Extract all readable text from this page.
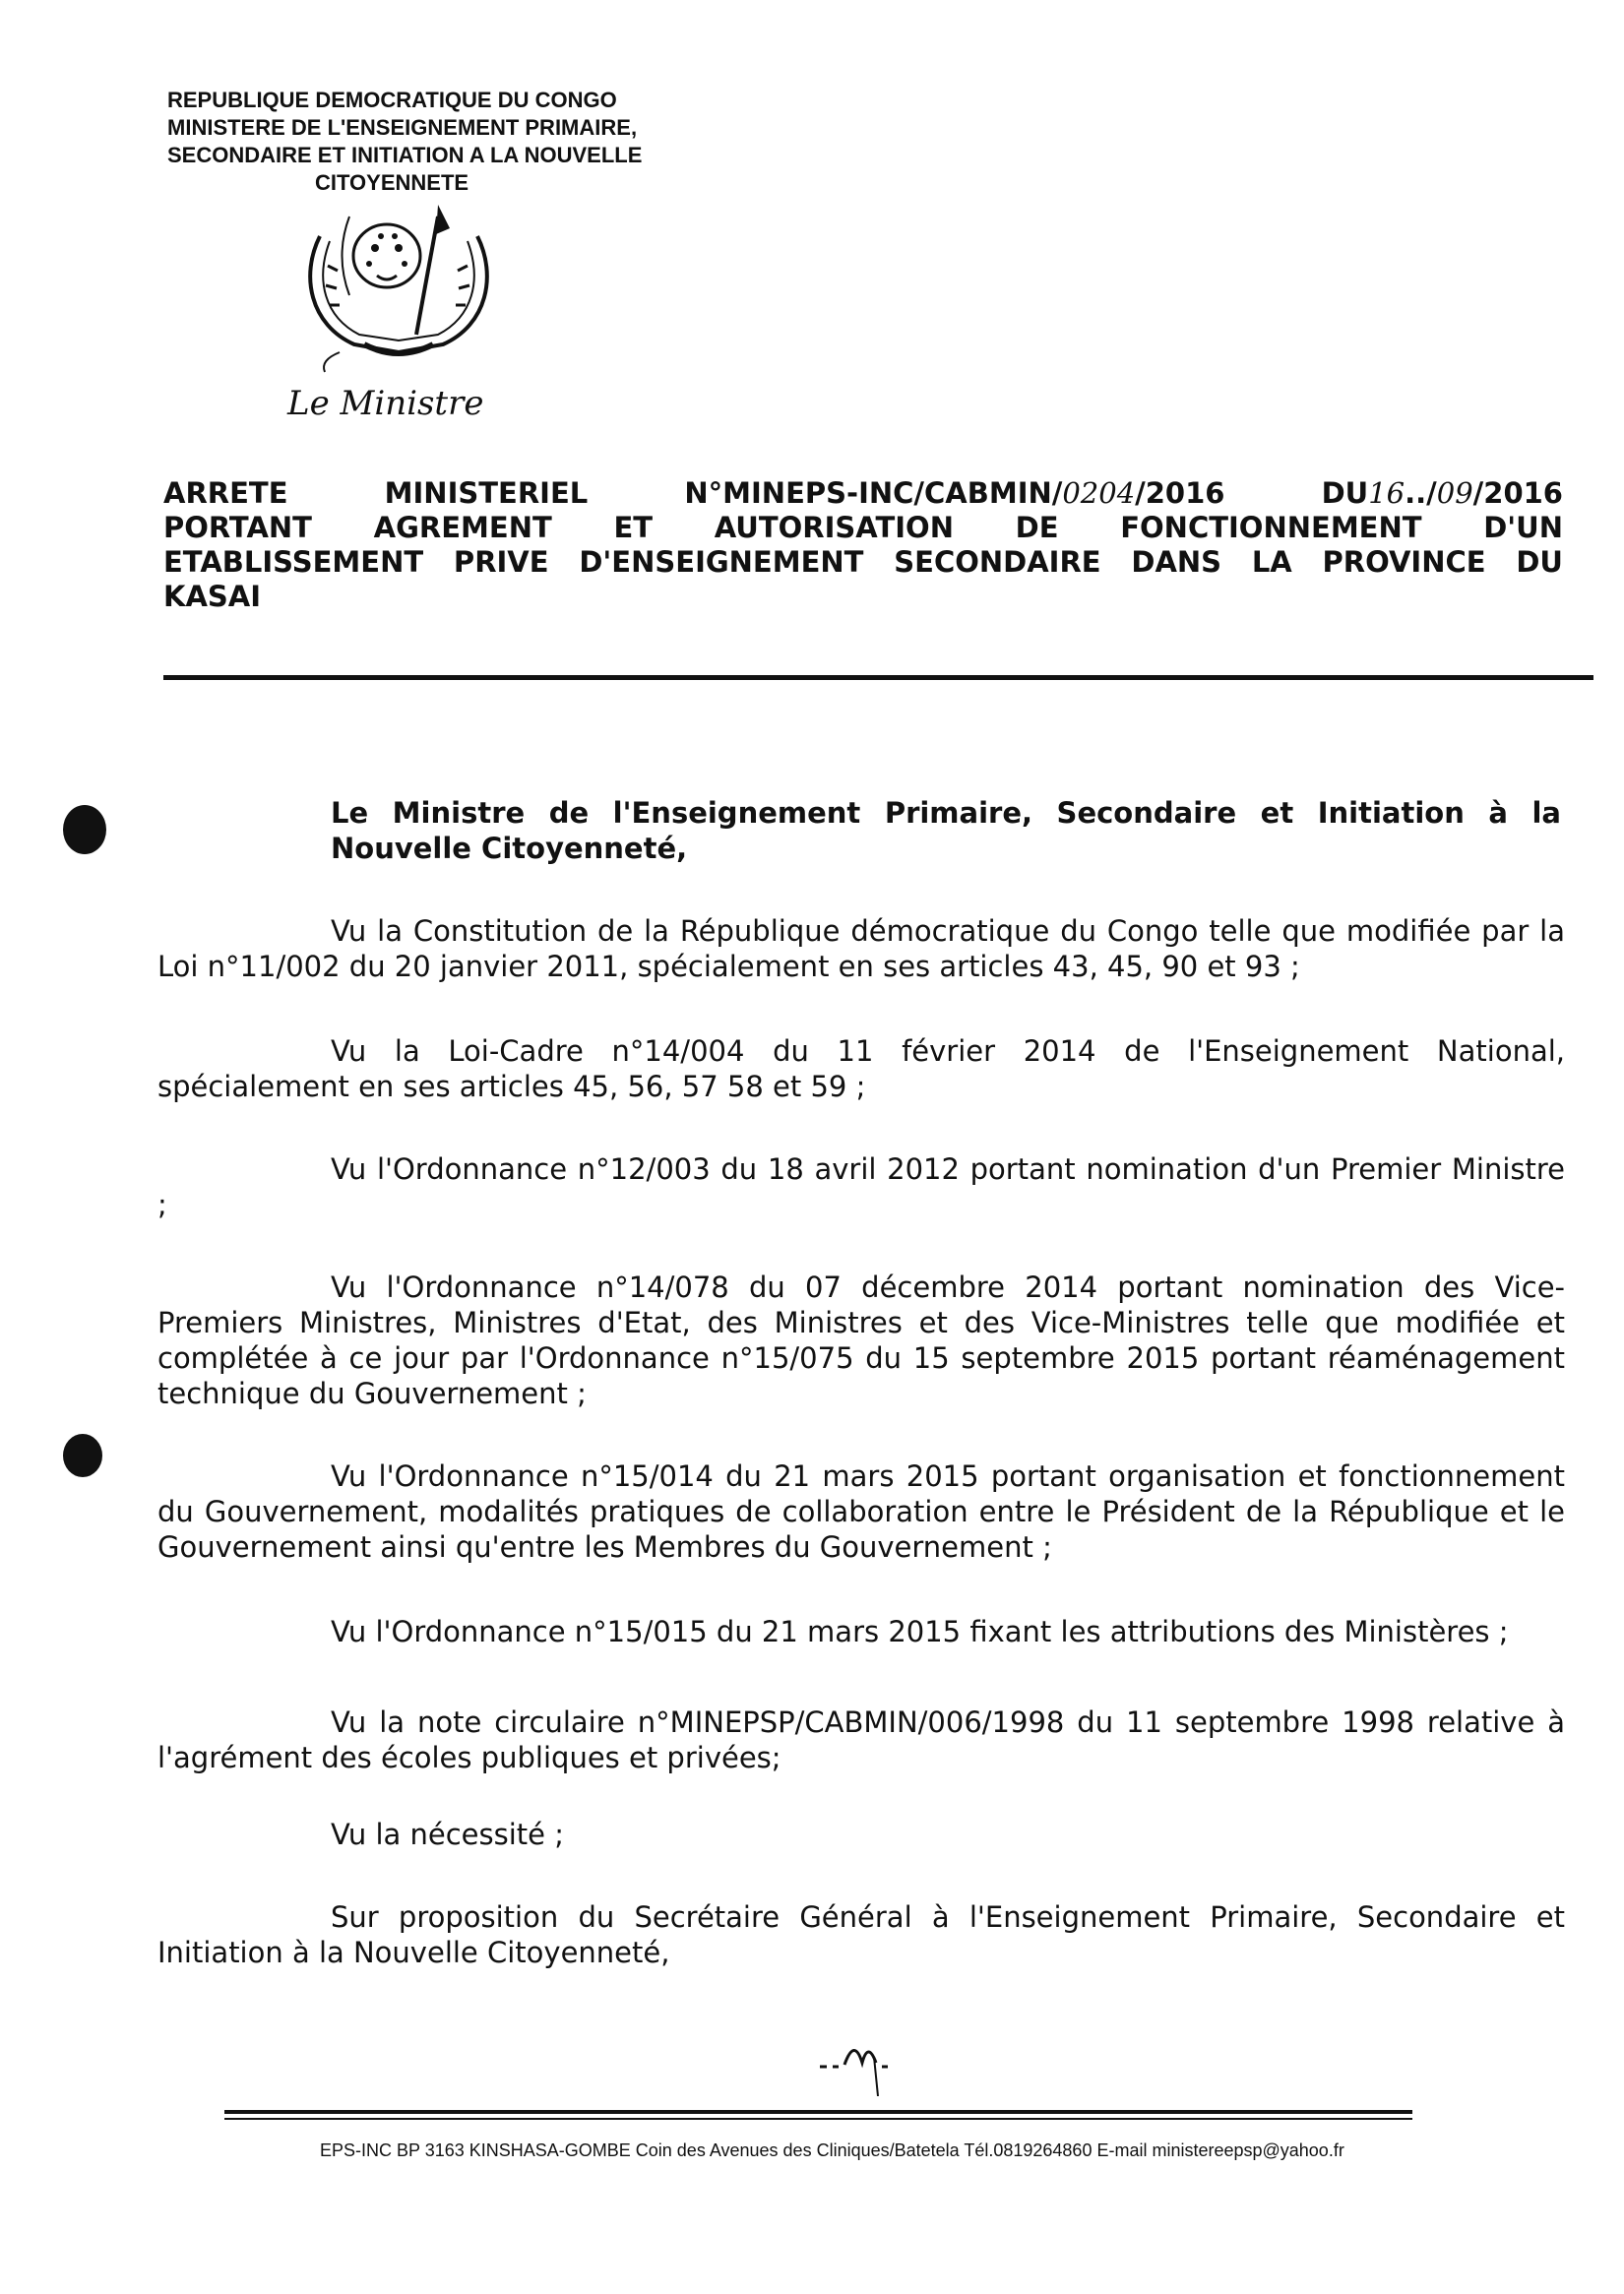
REPUBLIQUE DEMOCRATIQUE DU CONGO
MINISTERE DE L'ENSEIGNEMENT PRIMAIRE,
SECONDAIRE ET INITIATION A LA NOUVELLE
CITOYENNETE
Le Ministre
ARRETE MINISTERIEL	N°MINEPS-INC/CABMIN/0204/2016	DU16../09/2016
PORTANT AGREMENT ET AUTORISATION DE FONCTIONNEMENT D'UN
ETABLISSEMENT PRIVE D'ENSEIGNEMENT SECONDAIRE DANS LA PROVINCE DU
KASAI
Le Ministre de l'Enseignement Primaire, Secondaire et Initiation à la Nouvelle Citoyenneté,
Vu la Constitution de la République démocratique du Congo telle que modifiée par la Loi n°11/002 du 20 janvier 2011, spécialement en ses articles 43, 45, 90 et 93 ;
Vu la Loi-Cadre n°14/004 du 11 février 2014 de l'Enseignement National, spécialement en ses articles 45, 56, 57 58 et 59 ;
Vu l'Ordonnance n°12/003 du 18 avril 2012 portant nomination d'un Premier Ministre ;
Vu l'Ordonnance n°14/078 du 07 décembre 2014 portant nomination des Vice-Premiers Ministres, Ministres d'Etat, des Ministres et des Vice-Ministres telle que modifiée et complétée à ce jour par l'Ordonnance n°15/075 du 15 septembre 2015 portant réaménagement technique du Gouvernement ;
Vu l'Ordonnance n°15/014 du 21 mars 2015 portant organisation et fonctionnement du Gouvernement, modalités pratiques de collaboration entre le Président de la République et le Gouvernement ainsi qu'entre les Membres du Gouvernement ;
Vu l'Ordonnance n°15/015 du 21 mars 2015 fixant les attributions des Ministères ;
Vu la note circulaire n°MINEPSP/CABMIN/006/1998 du 11 septembre 1998 relative à l'agrément des écoles publiques et privées;
Vu la nécessité ;
Sur proposition du Secrétaire Général à l'Enseignement Primaire, Secondaire et Initiation à la Nouvelle Citoyenneté,
EPS-INC BP 3163 KINSHASA-GOMBE Coin des Avenues des Cliniques/Batetela Tél.0819264860 E-mail ministereepsp@yahoo.fr
